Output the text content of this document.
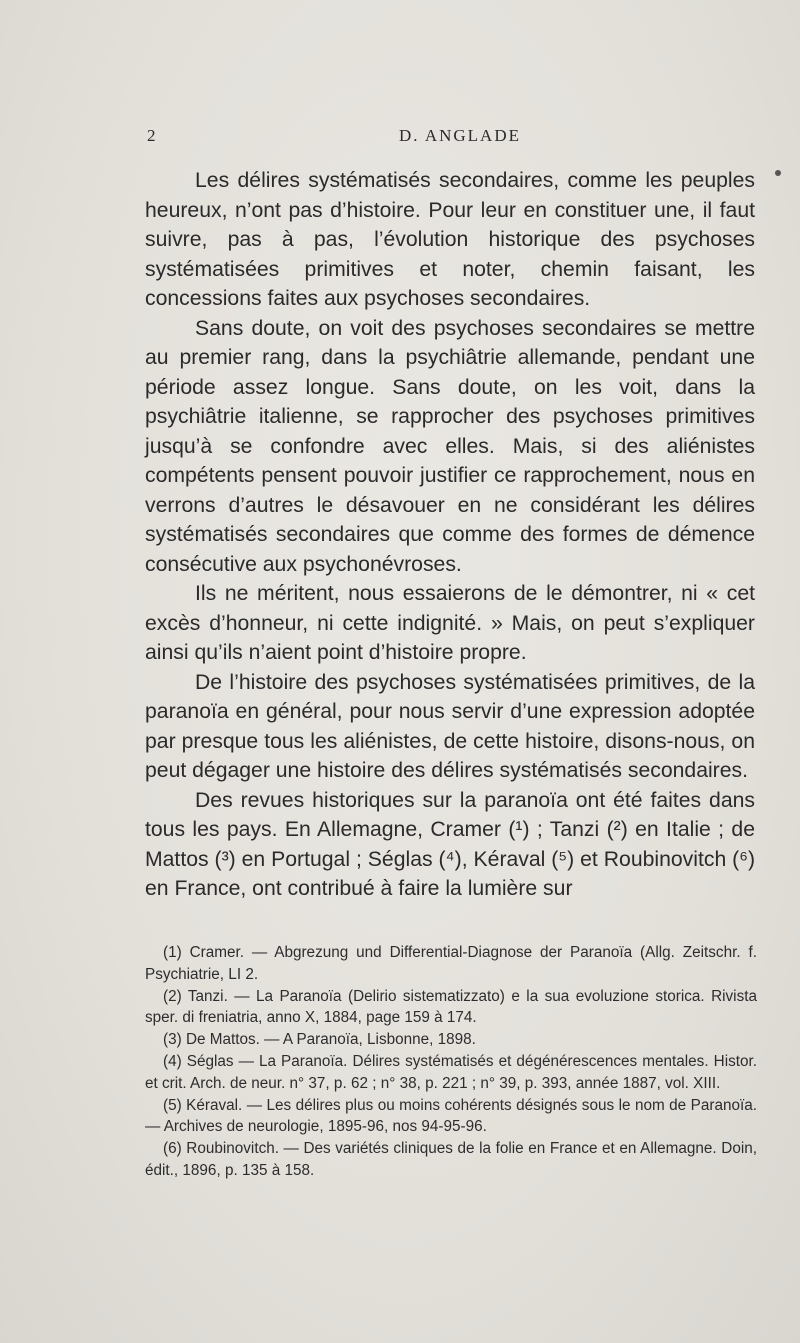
2	D. ANGLADE

Les délires systématisés secondaires, comme les peuples heureux, n’ont pas d’histoire. Pour leur en constituer une, il faut suivre, pas à pas, l’évolution historique des psychoses systématisées primitives et noter, chemin faisant, les concessions faites aux psychoses secondaires.

Sans doute, on voit des psychoses secondaires se mettre au premier rang, dans la psychiâtrie allemande, pendant une période assez longue. Sans doute, on les voit, dans la psychiâtrie italienne, se rapprocher des psychoses primitives jusqu’à se confondre avec elles. Mais, si des aliénistes compétents pensent pouvoir justifier ce rapprochement, nous en verrons d’autres le désavouer en ne considérant les délires systématisés secondaires que comme des formes de démence consécutive aux psychonévroses.

Ils ne méritent, nous essaierons de le démontrer, ni « cet excès d’honneur, ni cette indignité. » Mais, on peut s’expliquer ainsi qu’ils n’aient point d’histoire propre.

De l’histoire des psychoses systématisées primitives, de la paranoïa en général, pour nous servir d’une expression adoptée par presque tous les aliénistes, de cette histoire, disons-nous, on peut dégager une histoire des délires systématisés secondaires.

Des revues historiques sur la paranoïa ont été faites dans tous les pays. En Allemagne, Cramer (¹) ; Tanzi (²) en Italie ; de Mattos (³) en Portugal ; Séglas (⁴), Kéraval (⁵) et Roubinovitch (⁶) en France, ont contribué à faire la lumière sur

(1) Cramer. — Abgrezung und Differential-Diagnose der Paranoïa (Allg. Zeitschr. f. Psychiatrie, LI 2.

(2) Tanzi. — La Paranoïa (Delirio sistematizzato) e la sua evoluzione storica. Rivista sper. di freniatria, anno X, 1884, page 159 à 174.

(3) De Mattos. — A Paranoïa, Lisbonne, 1898.

(4) Séglas — La Paranoïa. Délires systématisés et dégénérescences mentales. Histor. et crit. Arch. de neur. n° 37, p. 62 ; n° 38, p. 221 ; n° 39, p. 393, année 1887, vol. XIII.

(5) Kéraval. — Les délires plus ou moins cohérents désignés sous le nom de Paranoïa. — Archives de neurologie, 1895-96, nos 94-95-96.

(6) Roubinovitch. — Des variétés cliniques de la folie en France et en Allemagne. Doin, édit., 1896, p. 135 à 158.
